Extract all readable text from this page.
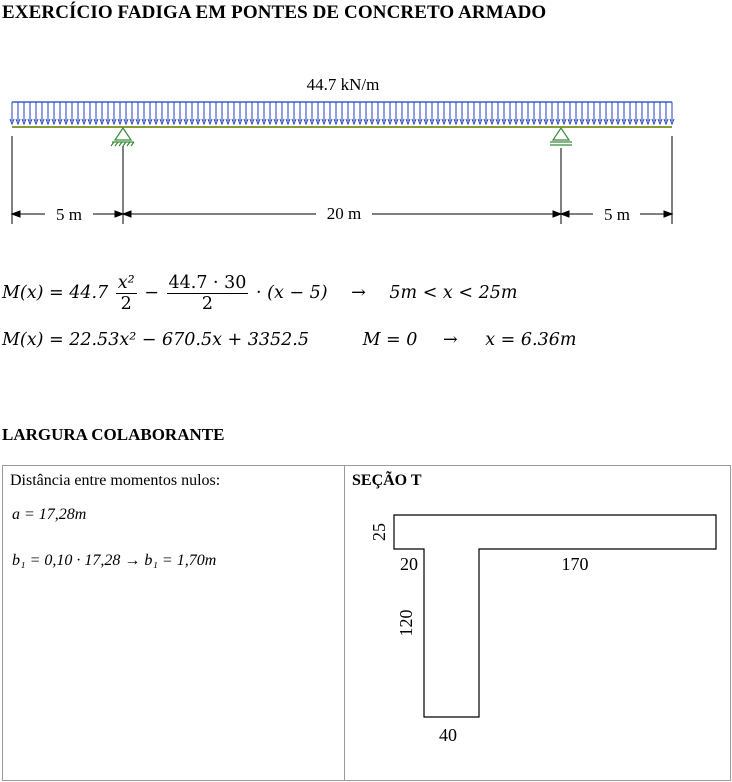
EXERCÍCIO FADIGA EM PONTES DE CONCRETO ARMADO
44.7 kN/m
5 m	20 m	5 m
$M(x) = 44.7 \frac{\text{x²}}{2} - \frac{44.7 \cdot 30}{2} \cdot (x - 5) \to 5m < x < 25m$
M(x) = 22.53x² − 670.5x + 3352.5	M = 0 → x = 6.36m
LARGURA COLABORANTE
Distância entre momentos nulos:
a = 17,28m
b₁ = 0,10 · 17,28 → b₁ = 1,70m
SEÇÃO T
25
20	170
120
40
